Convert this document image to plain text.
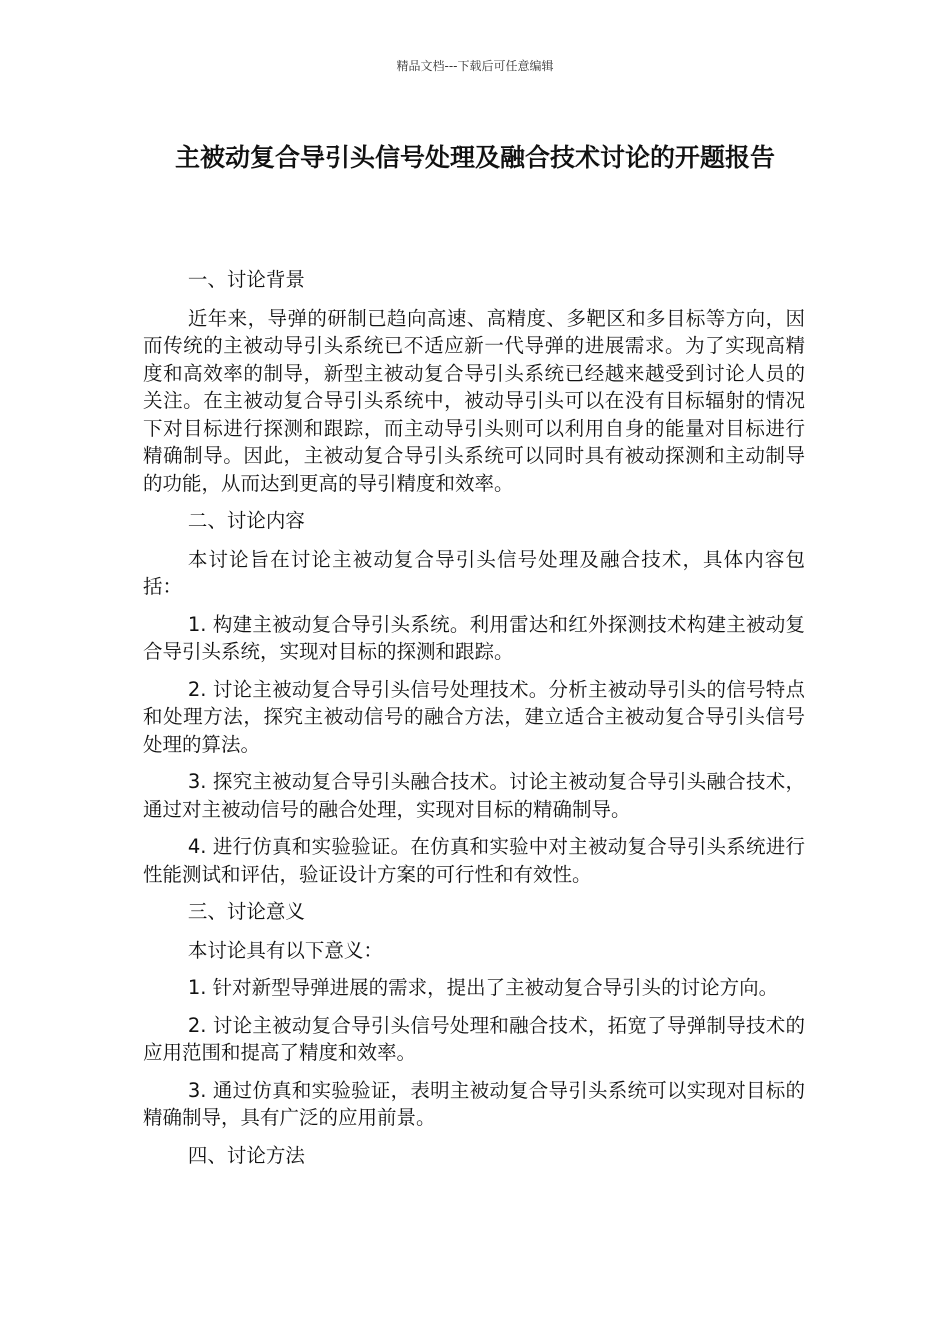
精品文档---下载后可任意编辑
主被动复合导引头信号处理及融合技术讨论的开题报告

一、讨论背景

近年来，导弹的研制已趋向高速、高精度、多靶区和多目标等方向，因而传统的主被动导引头系统已不适应新一代导弹的进展需求。为了实现高精度和高效率的制导，新型主被动复合导引头系统已经越来越受到讨论人员的关注。在主被动复合导引头系统中，被动导引头可以在没有目标辐射的情况下对目标进行探测和跟踪，而主动导引头则可以利用自身的能量对目标进行精确制导。因此，主被动复合导引头系统可以同时具有被动探测和主动制导的功能，从而达到更高的导引精度和效率。

二、讨论内容

本讨论旨在讨论主被动复合导引头信号处理及融合技术，具体内容包括：

1. 构建主被动复合导引头系统。利用雷达和红外探测技术构建主被动复合导引头系统，实现对目标的探测和跟踪。

2. 讨论主被动复合导引头信号处理技术。分析主被动导引头的信号特点和处理方法，探究主被动信号的融合方法，建立适合主被动复合导引头信号处理的算法。

3. 探究主被动复合导引头融合技术。讨论主被动复合导引头融合技术，通过对主被动信号的融合处理，实现对目标的精确制导。

4. 进行仿真和实验验证。在仿真和实验中对主被动复合导引头系统进行性能测试和评估，验证设计方案的可行性和有效性。

三、讨论意义

本讨论具有以下意义：

1. 针对新型导弹进展的需求，提出了主被动复合导引头的讨论方向。

2. 讨论主被动复合导引头信号处理和融合技术，拓宽了导弹制导技术的应用范围和提高了精度和效率。

3. 通过仿真和实验验证，表明主被动复合导引头系统可以实现对目标的精确制导，具有广泛的应用前景。

四、讨论方法
